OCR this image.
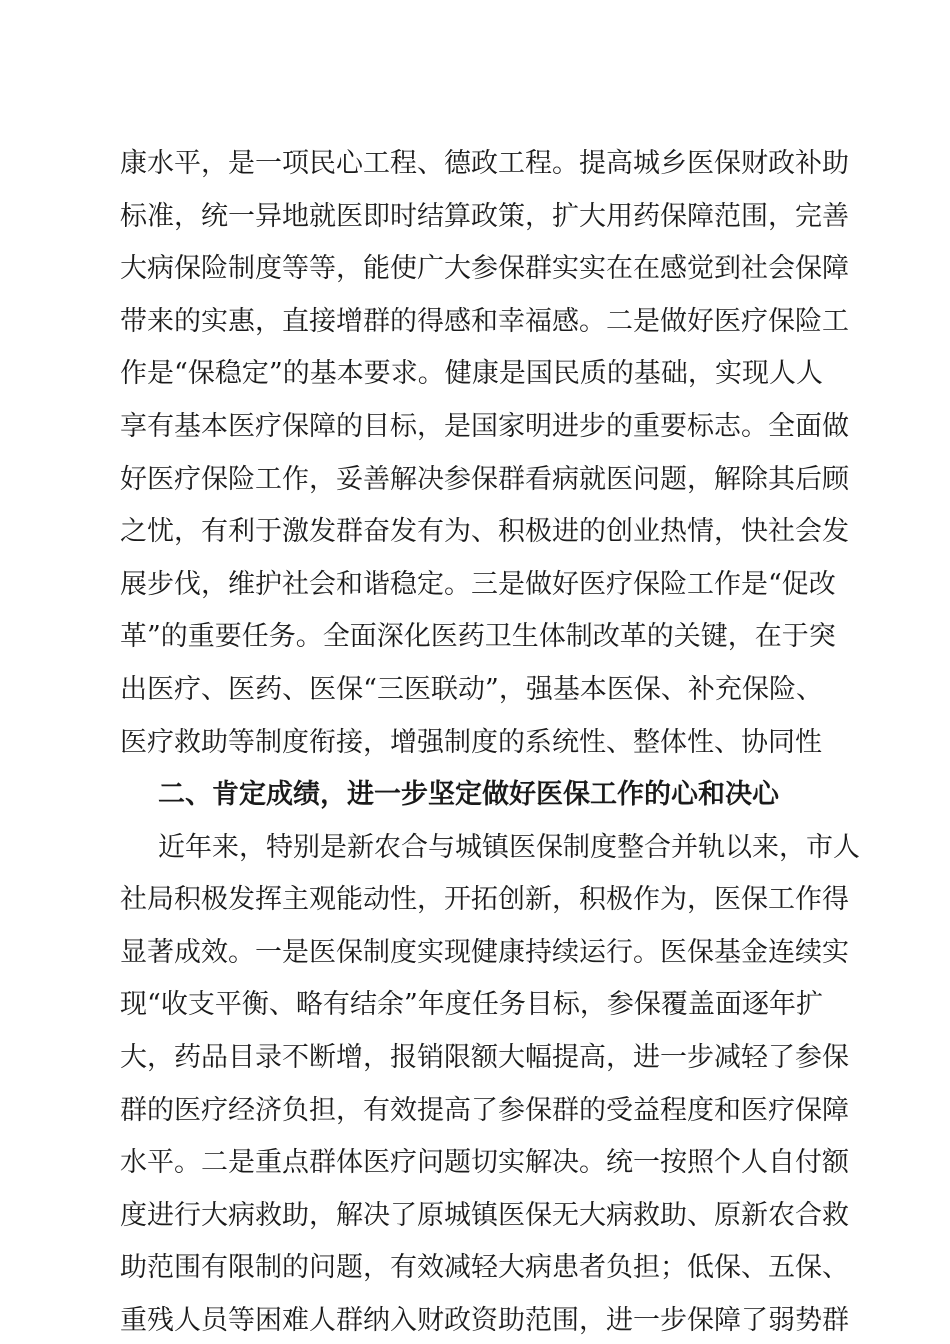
康水平，是一项民心工程、德政工程。提高城乡医保财政补助
标准，统一异地就医即时结算政策，扩大用药保障范围，完善
大病保险制度等等，能使广大参保群实实在在感觉到社会保障
带来的实惠，直接增群的得感和幸福感。二是做好医疗保险工
作是“保稳定”的基本要求。健康是国民质的基础，实现人人
享有基本医疗保障的目标，是国家明进步的重要标志。全面做
好医疗保险工作，妥善解决参保群看病就医问题，解除其后顾
之忧，有利于激发群奋发有为、积极进的创业热情，快社会发
展步伐，维护社会和谐稳定。三是做好医疗保险工作是“促改
革”的重要任务。全面深化医药卫生体制改革的关键，在于突
出医疗、医药、医保“三医联动”，强基本医保、补充保险、
医疗救助等制度衔接，增强制度的系统性、整体性、协同性
二、肯定成绩，进一步坚定做好医保工作的心和决心
近年来，特别是新农合与城镇医保制度整合并轨以来，市人
社局积极发挥主观能动性，开拓创新，积极作为，医保工作得
显著成效。一是医保制度实现健康持续运行。医保基金连续实
现“收支平衡、略有结余”年度任务目标，参保覆盖面逐年扩
大，药品目录不断增，报销限额大幅提高，进一步减轻了参保
群的医疗经济负担，有效提高了参保群的受益程度和医疗保障
水平。二是重点群体医疗问题切实解决。统一按照个人自付额
度进行大病救助，解决了原城镇医保无大病救助、原新农合救
助范围有限制的问题，有效减轻大病患者负担；低保、五保、
重残人员等困难人群纳入财政资助范围，进一步保障了弱势群
